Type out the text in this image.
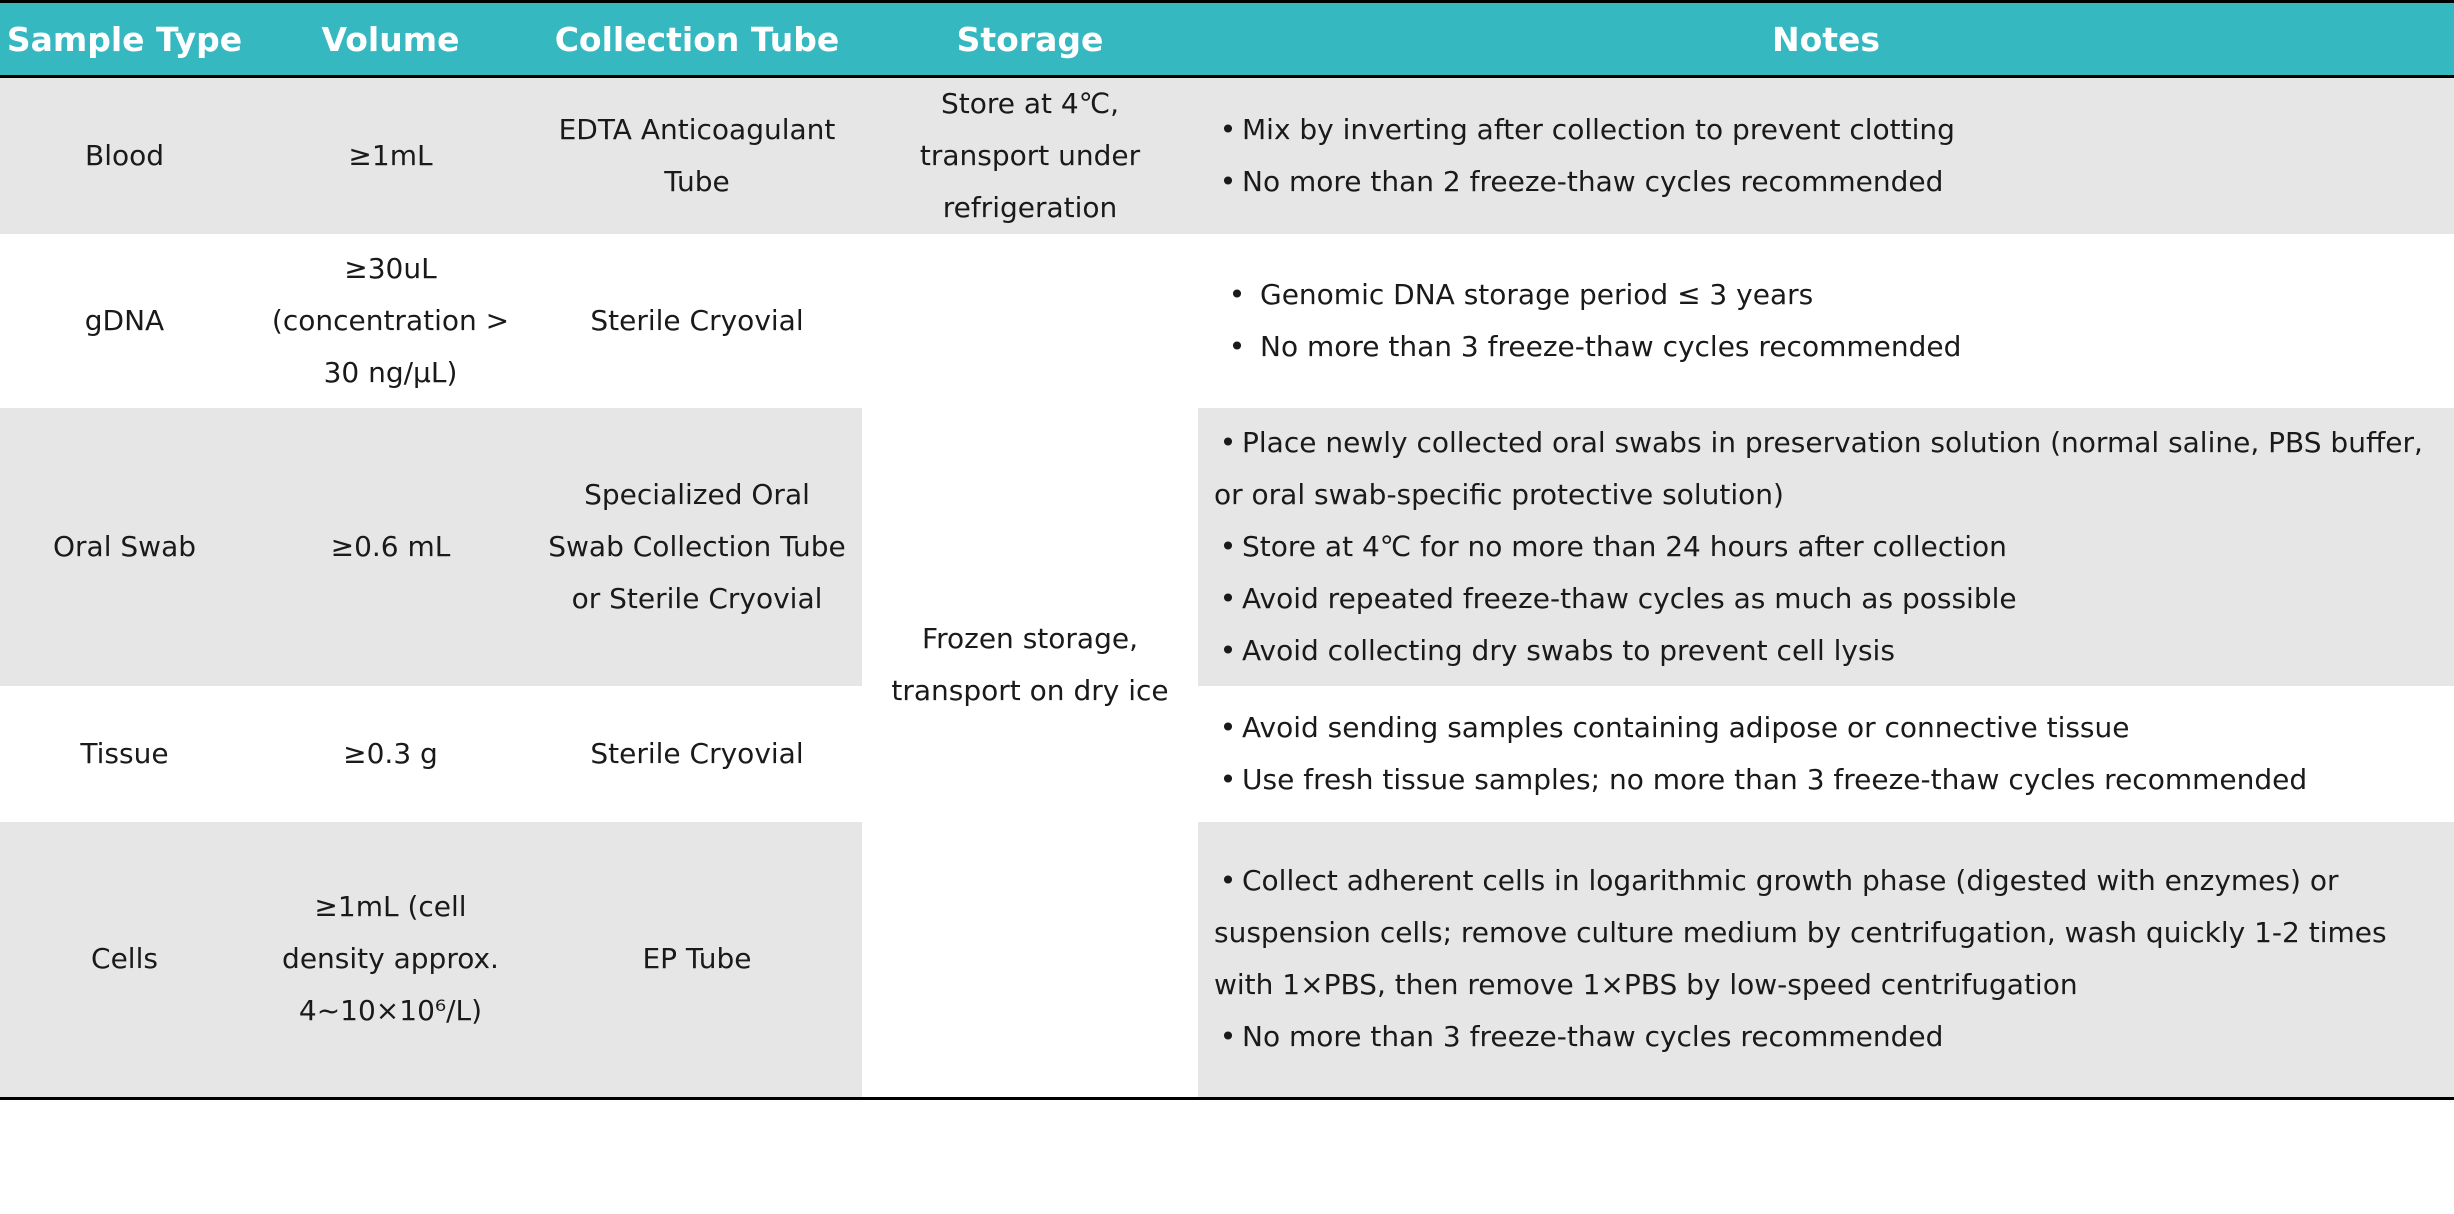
Sample Type	Volume	Collection Tube	Storage	Notes
Blood	≥1mL	EDTA Anticoagulant Tube	Store at 4℃, transport under refrigeration	• Mix by inverting after collection to prevent clotting
• No more than 2 freeze-thaw cycles recommended

gDNA	≥30uL (concentration > 30 ng/μL)	Sterile Cryovial	Frozen storage, transport on dry ice	• Genomic DNA storage period ≤ 3 years
• No more than 3 freeze-thaw cycles recommended

Oral Swab	≥0.6 mL	Specialized Oral Swab Collection Tube or Sterile Cryovial		• Place newly collected oral swabs in preservation solution (normal saline, PBS buffer, or oral swab-specific protective solution)
• Store at 4℃ for no more than 24 hours after collection
• Avoid repeated freeze-thaw cycles as much as possible
• Avoid collecting dry swabs to prevent cell lysis

Tissue	≥0.3 g	Sterile Cryovial		• Avoid sending samples containing adipose or connective tissue
• Use fresh tissue samples; no more than 3 freeze-thaw cycles recommended

Cells	≥1mL (cell density approx. 4~10×10⁶/L)	EP Tube		• Collect adherent cells in logarithmic growth phase (digested with enzymes) or suspension cells; remove culture medium by centrifugation, wash quickly 1-2 times with 1×PBS, then remove 1×PBS by low-speed centrifugation
• No more than 3 freeze-thaw cycles recommended
